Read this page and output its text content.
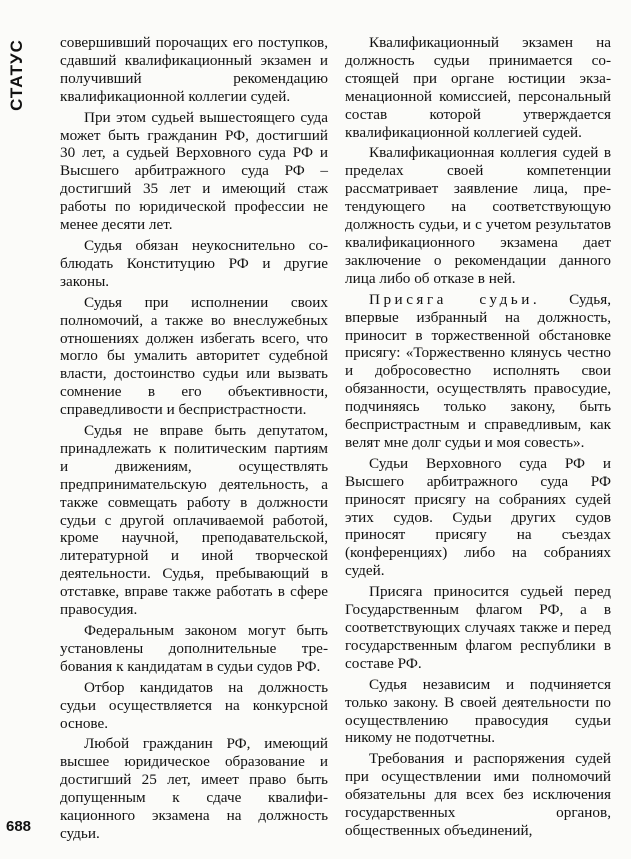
СТАТУС совершивший порочащих его поступков, сдавший квалификационный экзамен и получивший рекомендацию квалификационной коллегии судей.

При этом судьей вышестоящего суда может быть гражданин РФ, достигший 30 лет, а судьей Верховного суда РФ и Высшего арбитражного суда РФ – достигший 35 лет и имеющий стаж работы по юридической профессии не менее десяти лет.

Судья обязан неукоснительно соблюдать Конституцию РФ и другие законы.

Судья при исполнении своих полномочий, а также во внеслужебных отношениях должен избегать всего, что могло бы умалить авторитет судебной власти, достоинство судьи или вызвать сомнение в его объективности, справедливости и беспристрастности.

Судья не вправе быть депутатом, принадлежать к политическим партиям и движениям, осуществлять предпринимательскую деятельность, а также совмещать работу в должности судьи с другой оплачиваемой работой, кроме научной, преподавательской, литературной и иной творческой деятельности. Судья, пребывающий в отставке, вправе также работать в сфере правосудия.

Федеральным законом могут быть установлены дополнительные требования к кандидатам в судьи судов РФ.

Отбор кандидатов на должность судьи осуществляется на конкурсной основе.

Любой гражданин РФ, имеющий высшее юридическое образование и достигший 25 лет, имеет право быть допущенным к сдаче квалификационного экзамена на должность судьи.

Квалификационный экзамен на должность судьи принимается состоящей при органе юстиции экзаменационной комиссией, персональный состав которой утверждается квалификационной коллегией судей.

Квалификационная коллегия судей в пределах своей компетенции рассматривает заявление лица, претендующего на соответствующую должность судьи, и с учетом результатов квалификационного экзамена дает заключение о рекомендации данного лица либо об отказе в ней.

Присяга судьи. Судья, впервые избранный на должность, приносит в торжественной обстановке присягу: «Торжественно клянусь честно и добросовестно исполнять свои обязанности, осуществлять правосудие, подчиняясь только закону, быть беспристрастным и справедливым, как велят мне долг судьи и моя совесть».

Судьи Верховного суда РФ и Высшего арбитражного суда РФ приносят присягу на собраниях судей этих судов. Судьи других судов приносят присягу на съездах (конференциях) либо на собраниях судей.

Присяга приносится судьей перед Государственным флагом РФ, а в соответствующих случаях также и перед государственным флагом республики в составе РФ.

Судья независим и подчиняется только закону. В своей деятельности по осуществлению правосудия судьи никому не подотчетны.

Требования и распоряжения судей при осуществлении ими полномочий обязательны для всех без исключения государственных органов, общественных объединений,

688
